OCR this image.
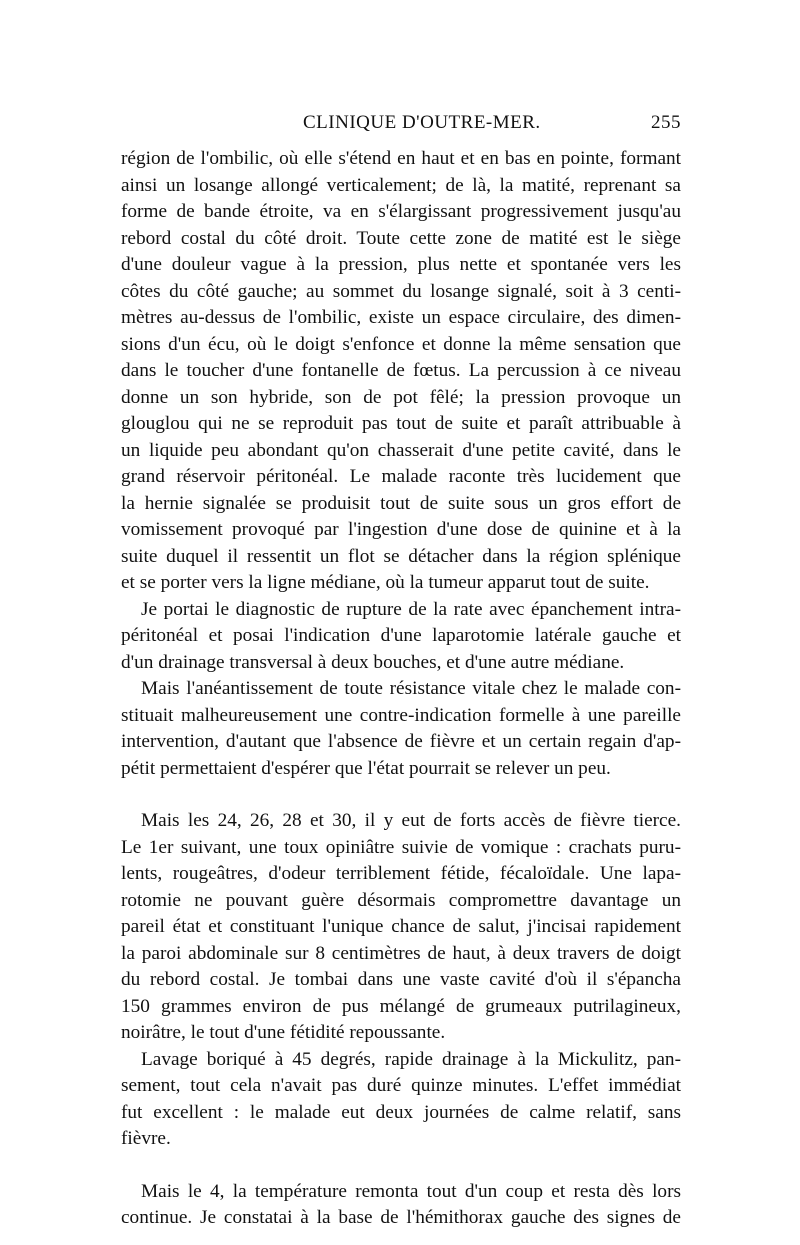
CLINIQUE D'OUTRE-MER.	255
région de l'ombilic, où elle s'étend en haut et en bas en pointe, formant
ainsi un losange allongé verticalement; de là, la matité, reprenant sa
forme de bande étroite, va en s'élargissant progressivement jusqu'au
rebord costal du côté droit. Toute cette zone de matité est le siège
d'une douleur vague à la pression, plus nette et spontanée vers les
côtes du côté gauche; au sommet du losange signalé, soit à 3 centi-
mètres au-dessus de l'ombilic, existe un espace circulaire, des dimen-
sions d'un écu, où le doigt s'enfonce et donne la même sensation que
dans le toucher d'une fontanelle de fœtus. La percussion à ce niveau
donne un son hybride, son de pot fêlé; la pression provoque un
glouglou qui ne se reproduit pas tout de suite et paraît attribuable à
un liquide peu abondant qu'on chasserait d'une petite cavité, dans le
grand réservoir péritonéal. Le malade raconte très lucidement que
la hernie signalée se produisit tout de suite sous un gros effort de
vomissement provoqué par l'ingestion d'une dose de quinine et à la
suite duquel il ressentit un flot se détacher dans la région splénique
et se porter vers la ligne médiane, où la tumeur apparut tout de suite.
Je portai le diagnostic de rupture de la rate avec épanchement intra-
péritonéal et posai l'indication d'une laparotomie latérale gauche et
d'un drainage transversal à deux bouches, et d'une autre médiane.
Mais l'anéantissement de toute résistance vitale chez le malade con-
stituait malheureusement une contre-indication formelle à une pareille
intervention, d'autant que l'absence de fièvre et un certain regain d'ap-
pétit permettaient d'espérer que l'état pourrait se relever un peu.
Mais les 24, 26, 28 et 30, il y eut de forts accès de fièvre tierce.
Le 1er suivant, une toux opiniâtre suivie de vomique : crachats puru-
lents, rougeâtres, d'odeur terriblement fétide, fécaloïdale. Une lapa-
rotomie ne pouvant guère désormais compromettre davantage un
pareil état et constituant l'unique chance de salut, j'incisai rapidement
la paroi abdominale sur 8 centimètres de haut, à deux travers de doigt
du rebord costal. Je tombai dans une vaste cavité d'où il s'épancha
150 grammes environ de pus mélangé de grumeaux putrilagineux,
noirâtre, le tout d'une fétidité repoussante.
Lavage boriqué à 45 degrés, rapide drainage à la Mickulitz, pan-
sement, tout cela n'avait pas duré quinze minutes. L'effet immédiat
fut excellent : le malade eut deux journées de calme relatif, sans
fièvre.
Mais le 4, la température remonta tout d'un coup et resta dès lors
continue. Je constatai à la base de l'hémithorax gauche des signes de
